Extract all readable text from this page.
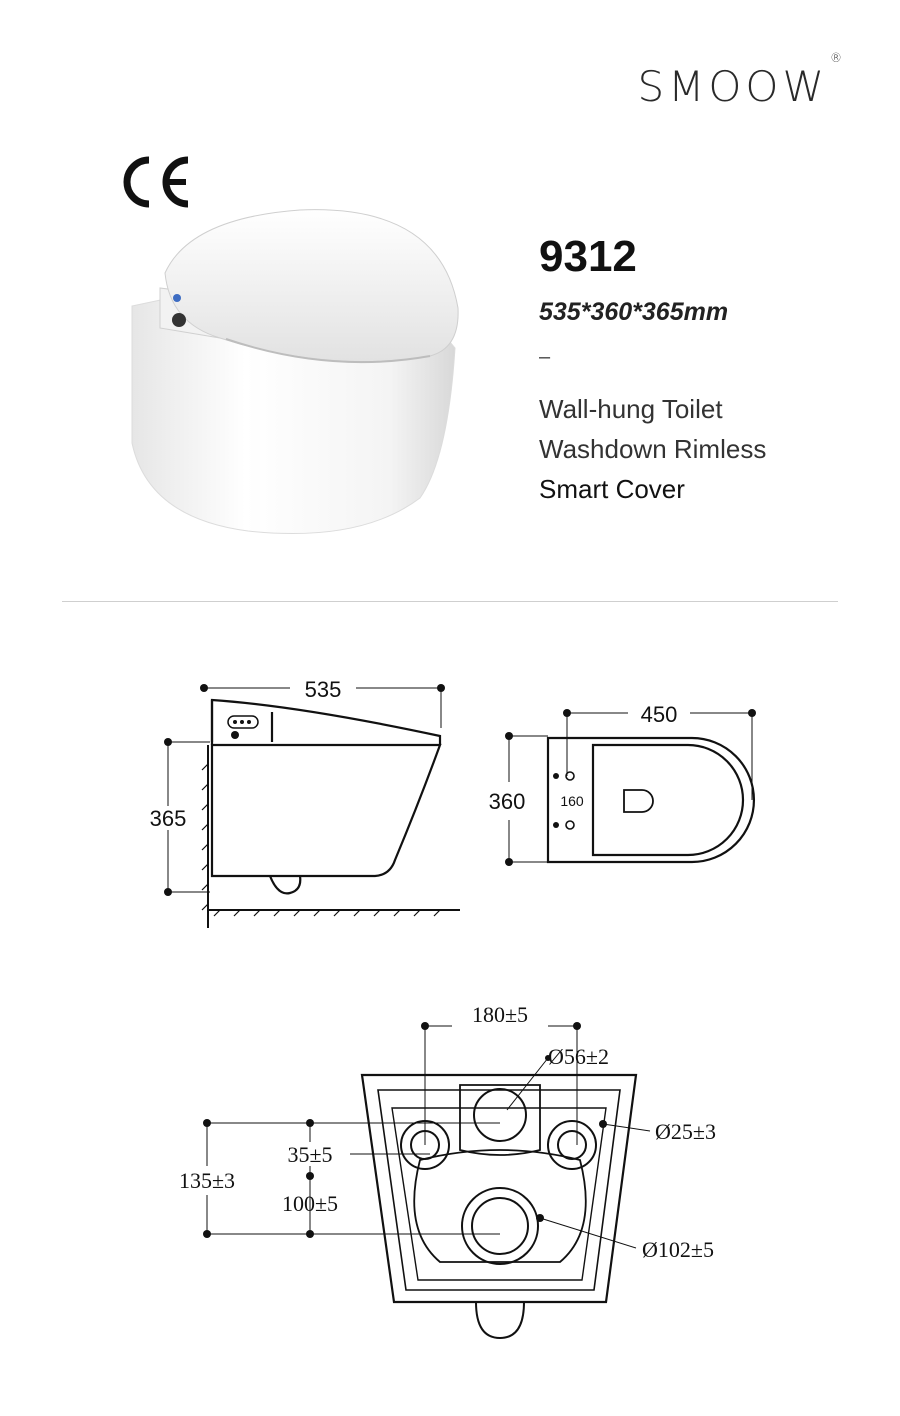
SMOOW®
9312
535*360*365mm
–
Wall-hung Toilet
Washdown Rimless
Smart Cover
535
365
450
360 160
180±5
Ø56±2
Ø25±3
Ø102±5
35±5
135±3
100±5
